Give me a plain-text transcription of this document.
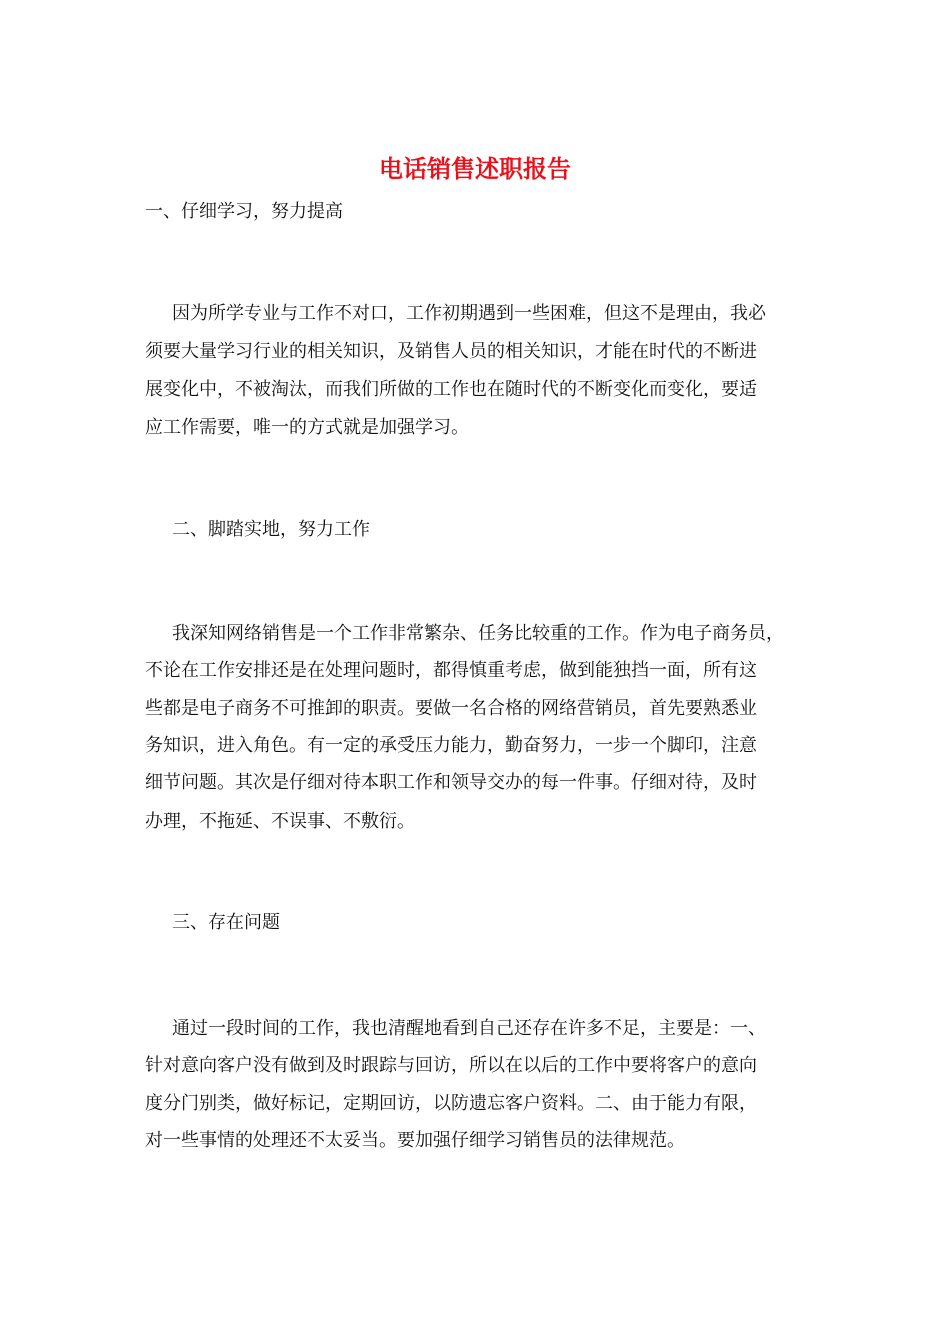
电话销售述职报告
一、仔细学习，努力提高
因为所学专业与工作不对口，工作初期遇到一些困难，但这不是理由，我必
须要大量学习行业的相关知识，及销售人员的相关知识，才能在时代的不断进
展变化中，不被淘汰，而我们所做的工作也在随时代的不断变化而变化，要适
应工作需要，唯一的方式就是加强学习。
二、脚踏实地，努力工作
我深知网络销售是一个工作非常繁杂、任务比较重的工作。作为电子商务员，
不论在工作安排还是在处理问题时，都得慎重考虑，做到能独挡一面，所有这
些都是电子商务不可推卸的职责。要做一名合格的网络营销员，首先要熟悉业
务知识，进入角色。有一定的承受压力能力，勤奋努力，一步一个脚印，注意
细节问题。其次是仔细对待本职工作和领导交办的每一件事。仔细对待，及时
办理，不拖延、不误事、不敷衍。
三、存在问题
通过一段时间的工作，我也清醒地看到自己还存在许多不足，主要是：一、
针对意向客户没有做到及时跟踪与回访，所以在以后的工作中要将客户的意向
度分门别类，做好标记，定期回访，以防遗忘客户资料。二、由于能力有限，
对一些事情的处理还不太妥当。要加强仔细学习销售员的法律规范。
